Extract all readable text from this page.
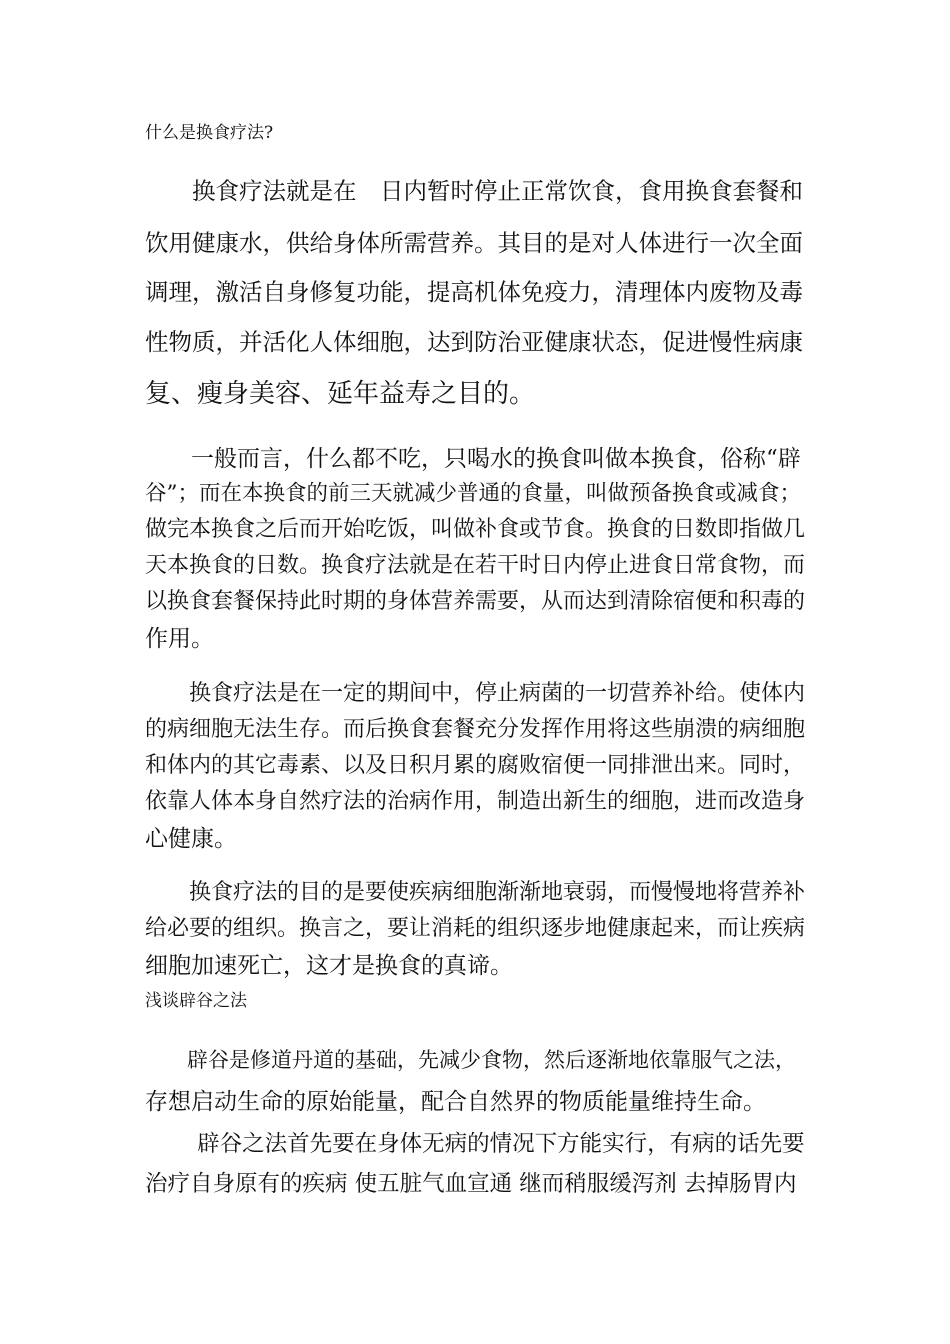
什么是换食疗法?

　　换食疗法就是在　日内暂时停止正常饮食，食用换食套餐和

饮用健康水，供给身体所需营养。其目的是对人体进行一次全面

调理，激活自身修复功能，提高机体免疫力，清理体内废物及毒

性物质，并活化人体细胞，达到防治亚健康状态，促进慢性病康

复、瘦身美容、延年益寿之目的。

　　一般而言，什么都不吃，只喝水的换食叫做本换食，俗称“辟

谷”；而在本换食的前三天就减少普通的食量，叫做预备换食或减食；

做完本换食之后而开始吃饭，叫做补食或节食。换食的日数即指做几

天本换食的日数。换食疗法就是在若干时日内停止进食日常食物，而

以换食套餐保持此时期的身体营养需要，从而达到清除宿便和积毒的

作用。

　　换食疗法是在一定的期间中，停止病菌的一切营养补给。使体内

的病细胞无法生存。而后换食套餐充分发挥作用将这些崩溃的病细胞

和体内的其它毒素、以及日积月累的腐败宿便一同排泄出来。同时，

依靠人体本身自然疗法的治病作用，制造出新生的细胞，进而改造身

心健康。

　　换食疗法的目的是要使疾病细胞渐渐地衰弱，而慢慢地将营养补

给必要的组织。换言之，要让消耗的组织逐步地健康起来，而让疾病

细胞加速死亡，这才是换食的真谛。

浅谈辟谷之法

　　辟谷是修道丹道的基础，先减少食物，然后逐渐地依靠服气之法，

存想启动生命的原始能量，配合自然界的物质能量维持生命。

　　 辟谷之法首先要在身体无病的情况下方能实行，有病的话先要

治疗自身原有的疾病 使五脏气血宣通 继而稍服缓泻剂 去掉肠胃内
